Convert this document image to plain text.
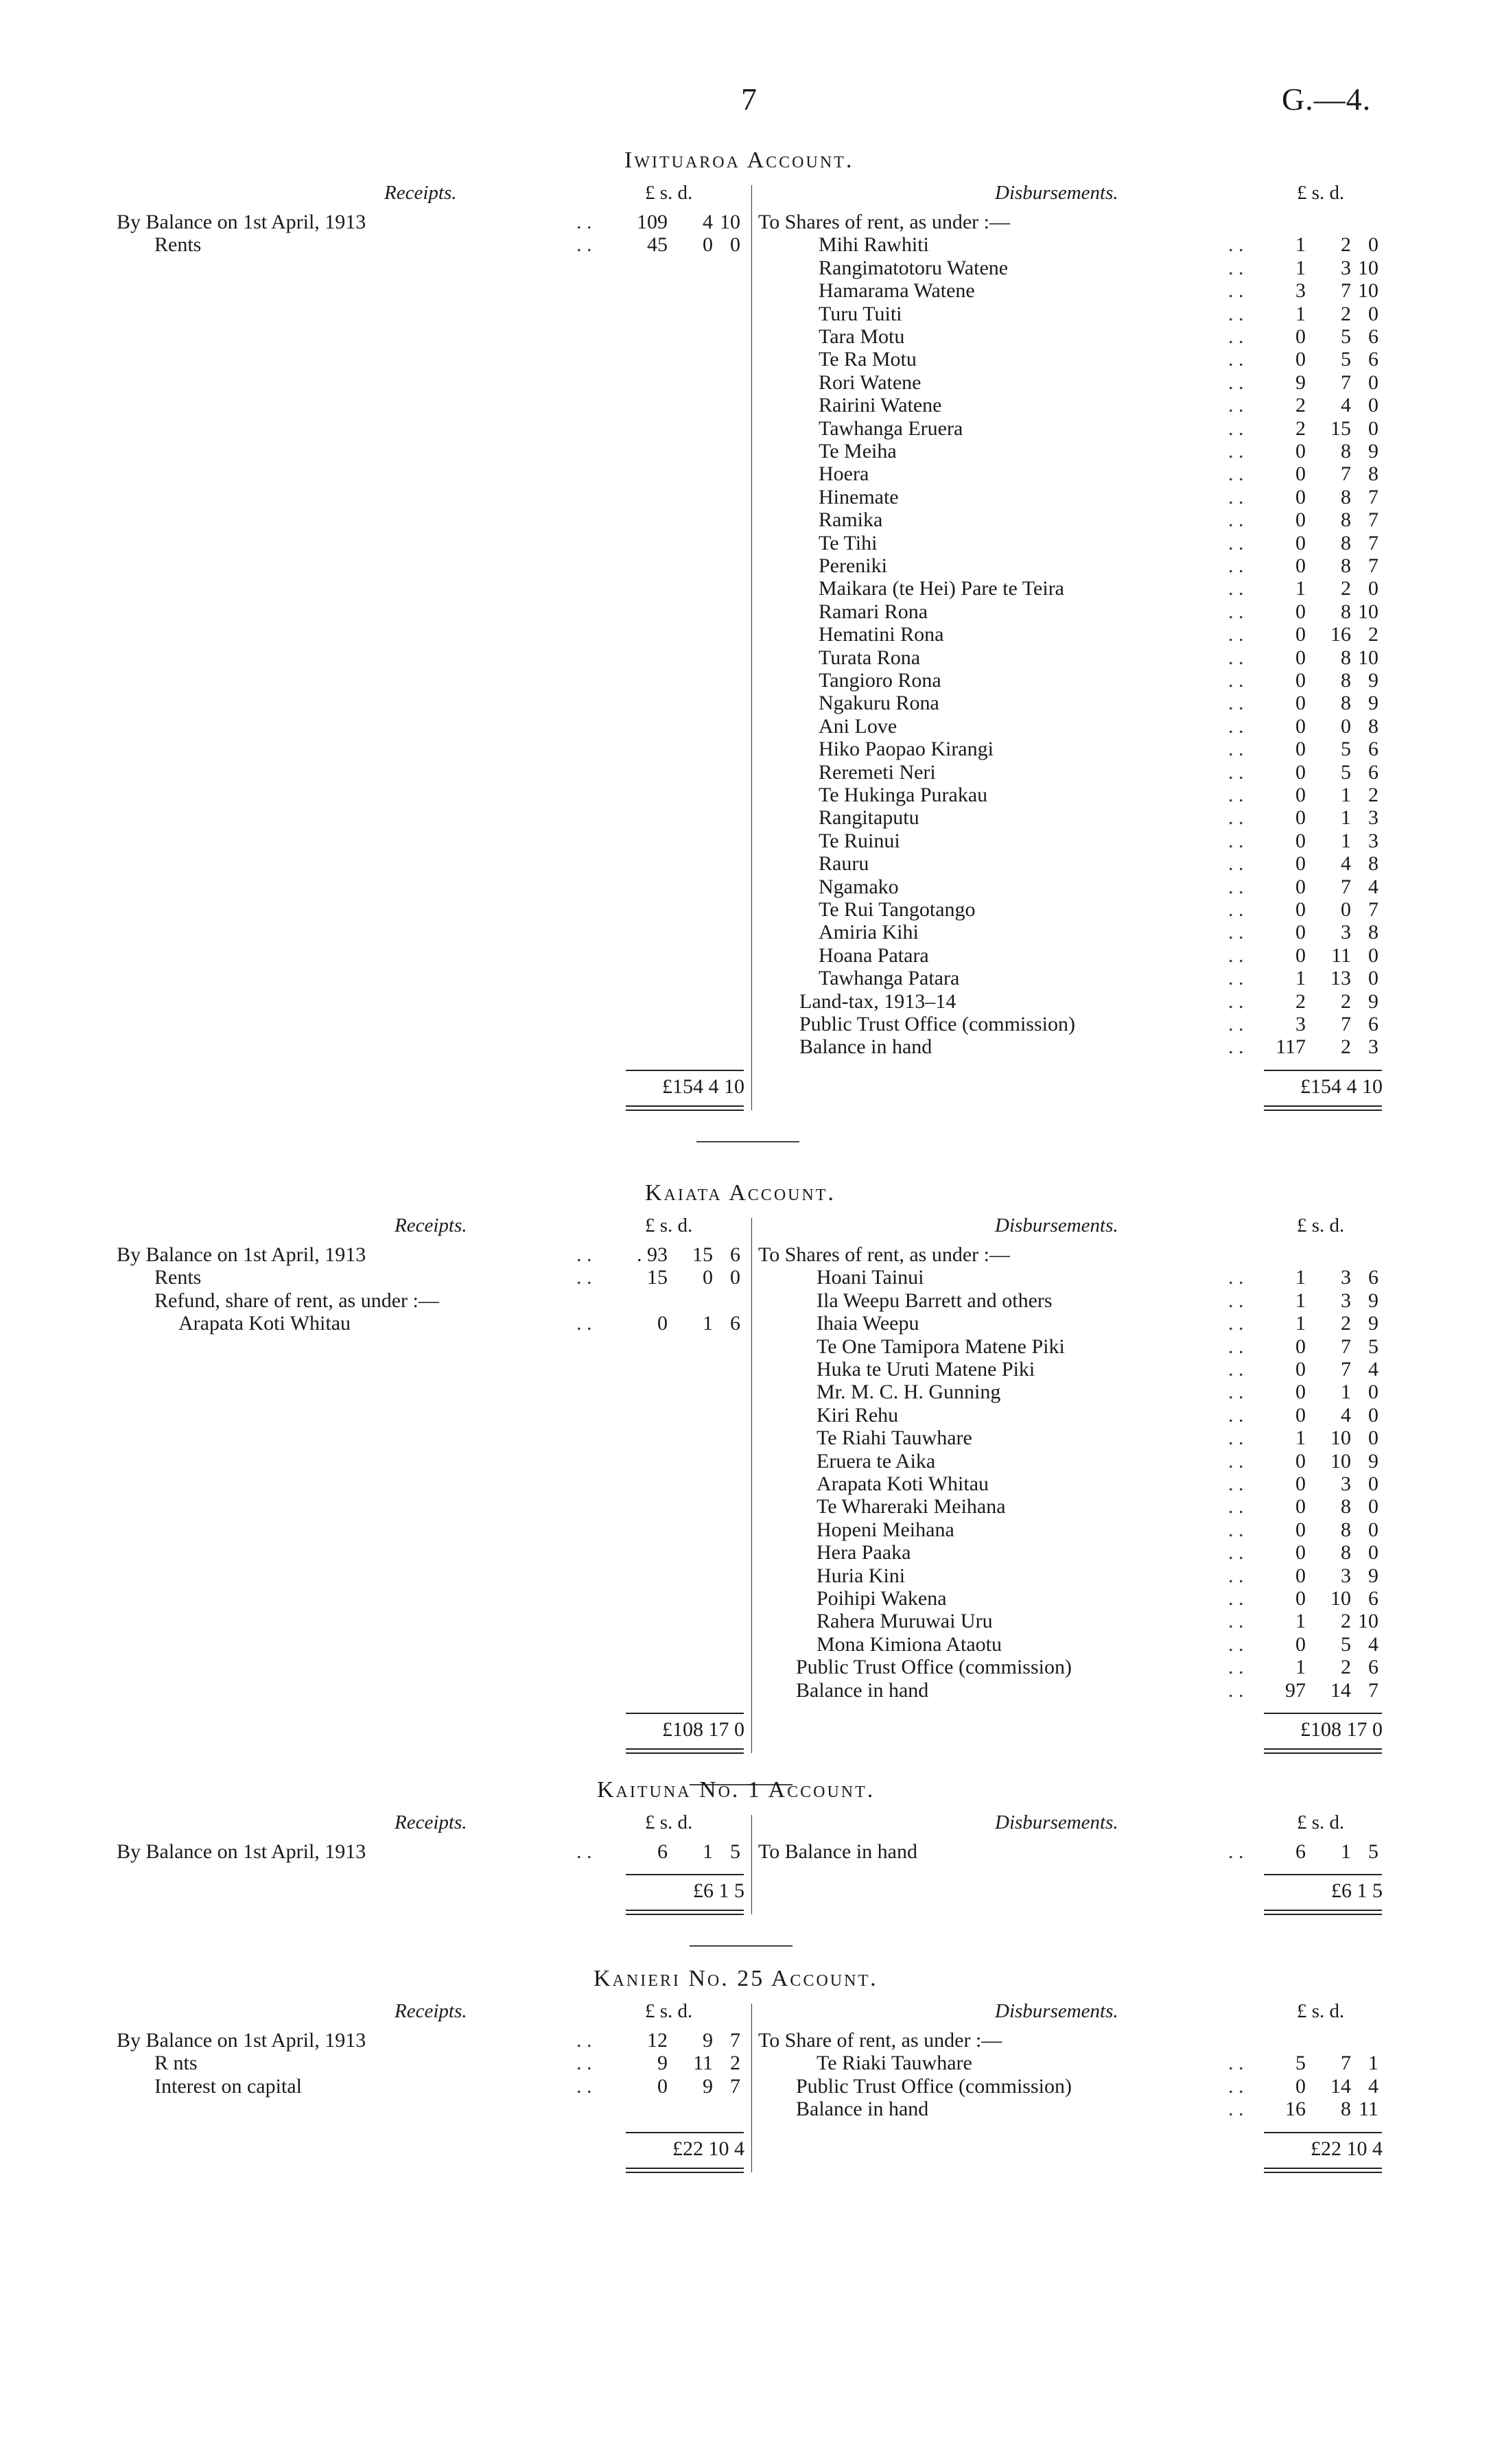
7	G.—4.
Iwituaroa Account.
Receipts.	£ s. d.	Disbursements.	£ s. d.
By Balance on 1st April, 1913	. .	109	4 10
Rents	. .	45	0 0
To Shares of rent, as under :—
Mihi Rawhiti	. .	1	2 0
Rangimatotoru Watene	. .	1	3 10
Hamarama Watene	. .	3	7 10
Turu Tuiti	. .	1	2 0
Tara Motu	. .	0	5 6
Te Ra Motu	. .	0	5 6
Rori Watene	. .	9	7 0
Rairini Watene	. .	2	4 0
Tawhanga Eruera	. .	2 15 0
Te Meiha	. .	0	8 9
Hoera	. .	0	7 8
Hinemate	. .	0	8 7
Ramika	. .	0	8 7
Te Tihi	. .	0	8 7
Pereniki	. .	0	8 7
Maikara (te Hei) Pare te Teira	. .	1	2 0
Ramari Rona	. .	0	8 10
Hematini Rona	. .	0 16 2
Turata Rona	. .	0	8 10
Tangioro Rona	. .	0	8 9
Ngakuru Rona	. .	0	8 9
Ani Love	. .	0	0 8
Hiko Paopao Kirangi	. .	0	5 6
Reremeti Neri	. .	0	5 6
Te Hukinga Purakau	. .	0	1 2
Rangitaputu	. .	0	1 3
Te Ruinui	. .	0	1 3
Rauru	. .	0	4 8
Ngamako	. .	0	7 4
Te Rui Tangotango	. .	0	0 7
Amiria Kihi	. .	0	3 8
Hoana Patara	. .	0	11 0
Tawhanga Patara	. .	1 13 0
Land-tax, 1913–14	. .	2	2 9
Public Trust Office (commission)	. .	3	7 6
Balance in hand	. .	117	2 3
£154 4 10	£154 4 10
Kaiata Account.
Receipts.	£ s. d.	Disbursements.	£ s. d.
By Balance on 1st April, 1913	. .	. 93 15 6
Rents	. .	15	0 0
Refund, share of rent, as under :—
Arapata Koti Whitau	. .	0	1 6
To Shares of rent, as under :—
Hoani Tainui	. .	1	3 6
Ila Weepu Barrett and others	. .	1	3 9
Ihaia Weepu	. .	1	2 9
Te One Tamipora Matene Piki	. .	0	7 5
Huka te Uruti Matene Piki	. .	0	7 4
Mr. M. C. H. Gunning	. .	0	1 0
Kiri Rehu	. .	0	4 0
Te Riahi Tauwhare	. .	1 10 0
Eruera te Aika	. .	0 10 9
Arapata Koti Whitau	. .	0	3 0
Te Whareraki Meihana	. .	0	8 0
Hopeni Meihana	. .	0	8 0
Hera Paaka	. .	0	8 0
Huria Kini	. .	0	3 9
Poihipi Wakena	. .	0 10 6
Rahera Muruwai Uru	. .	1	2 10
Mona Kimiona Ataotu	. .	0	5 4
Public Trust Office (commission)	. .	1	2 6
Balance in hand	. .	97 14 7
£108 17 0	£108 17 0
Kaituna No. 1 Account.
Receipts.	£ s. d.	Disbursements.	£ s. d.
By Balance on 1st April, 1913	. .	6	1 5 To Balance in hand	. .	6	1 5
£6 1 5	£6 1 5
Kanieri No. 25 Account.
Receipts.	£ s. d.	Disbursements.	£ s. d.
By Balance on 1st April, 1913	. .	12	9 7
R nts	. .	9	11 2
Interest on capital	. .	0	9 7
To Share of rent, as under :—
Te Riaki Tauwhare	. .	5	7 1
Public Trust Office (commission)	. .	0 14 4
Balance in hand	. .	16	8 11
£22 10 4	£22 10 4
